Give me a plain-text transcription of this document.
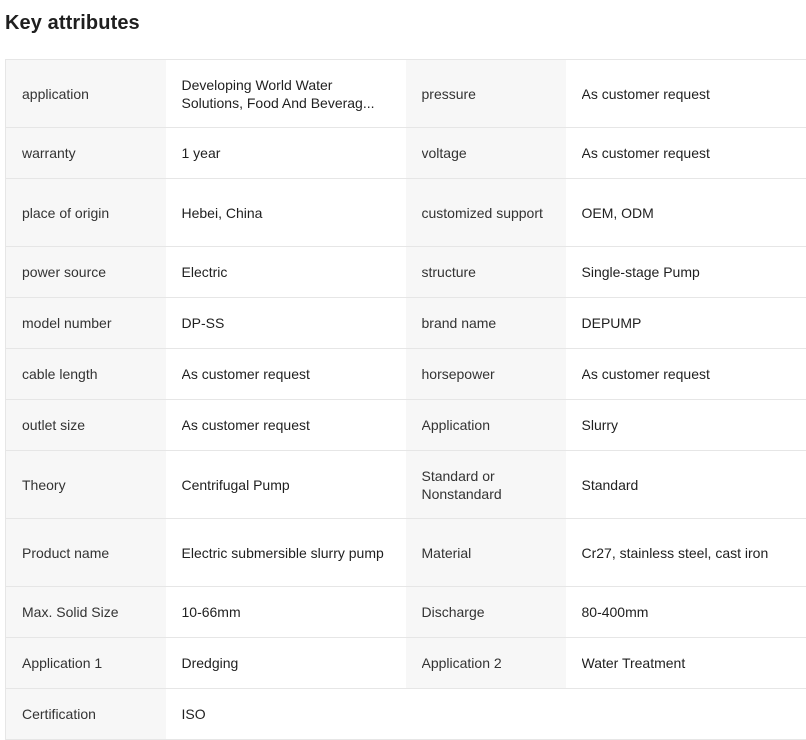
Key attributes
application	Developing World Water Solutions, Food And Beverag...	pressure	As customer request

warranty	1 year	voltage	As customer request

place of origin	Hebei, China	customized support	OEM, ODM

power source	Electric	structure	Single-stage Pump

model number	DP-SS	brand name	DEPUMP

cable length	As customer request	horsepower	As customer request

outlet size	As customer request	Application	Slurry

Theory	Centrifugal Pump	Standard or Nonstandard	Standard

Product name	Electric submersible slurry pump	Material	Cr27, stainless steel, cast iron

Max. Solid Size	10-66mm	Discharge	80-400mm

Application 1	Dredging	Application 2	Water Treatment

Certification	ISO		
